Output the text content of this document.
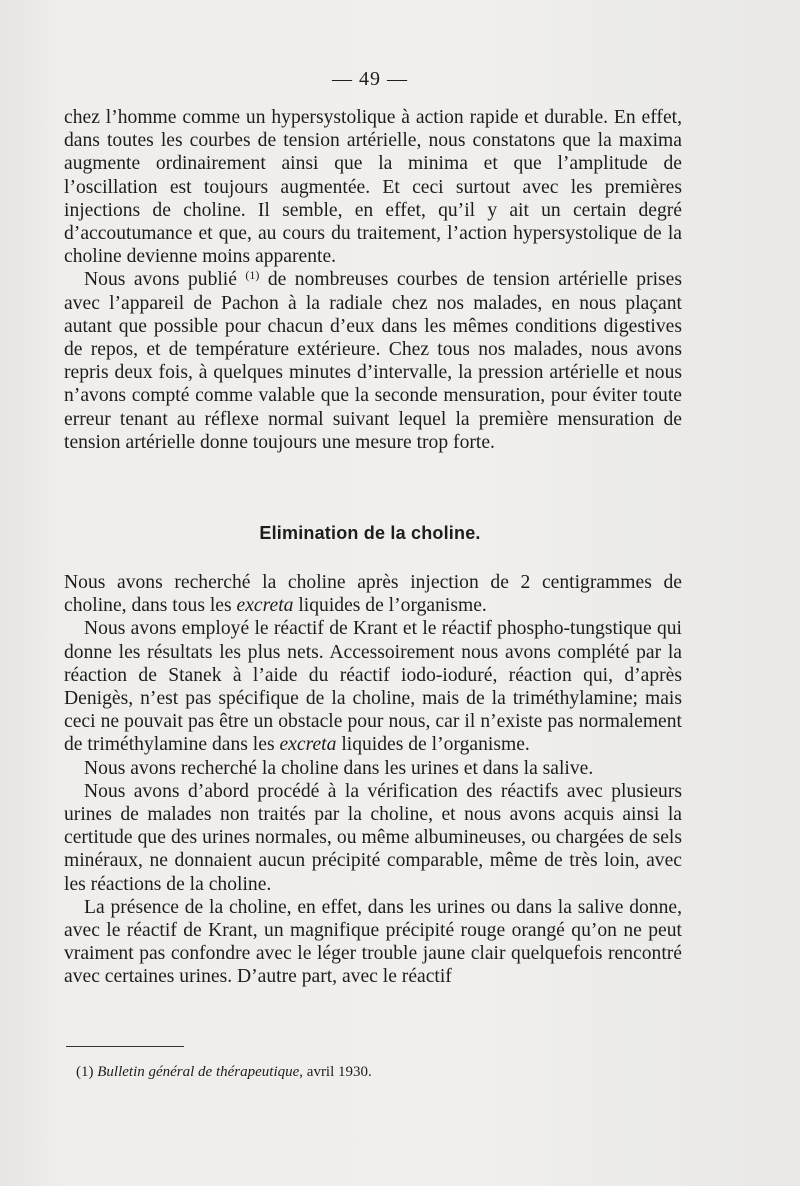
— 49 —

chez l’homme comme un hypersystolique à action rapide et durable. En effet, dans toutes les courbes de tension artérielle, nous constatons que la maxima augmente ordinairement ainsi que la minima et que l’amplitude de l’oscillation est toujours augmentée. Et ceci surtout avec les premières injections de choline. Il semble, en effet, qu’il y ait un certain degré d’accoutumance et que, au cours du traitement, l’action hypersystolique de la choline devienne moins apparente.

Nous avons publié $^{(1)}$ de nombreuses courbes de tension artérielle prises avec l’appareil de Pachon à la radiale chez nos malades, en nous plaçant autant que possible pour chacun d’eux dans les mêmes conditions digestives de repos, et de température extérieure. Chez tous nos malades, nous avons repris deux fois, à quelques minutes d’intervalle, la pression artérielle et nous n’avons compté comme valable que la seconde mensuration, pour éviter toute erreur tenant au réflexe normal suivant lequel la première mensuration de tension artérielle donne toujours une mesure trop forte.

Elimination de la choline.

Nous avons recherché la choline après injection de 2 centigrammes de choline, dans tous les excreta liquides de l’organisme.

Nous avons employé le réactif de Krant et le réactif phospho-tungstique qui donne les résultats les plus nets. Accessoirement nous avons complété par la réaction de Stanek à l’aide du réactif iodo-ioduré, réaction qui, d’après Denigès, n’est pas spécifique de la choline, mais de la triméthylamine; mais ceci ne pouvait pas être un obstacle pour nous, car il n’existe pas normalement de triméthylamine dans les excreta liquides de l’organisme.

Nous avons recherché la choline dans les urines et dans la salive.

Nous avons d’abord procédé à la vérification des réactifs avec plusieurs urines de malades non traités par la choline, et nous avons acquis ainsi la certitude que des urines normales, ou même albumineuses, ou chargées de sels minéraux, ne donnaient aucun précipité comparable, même de très loin, avec les réactions de la choline.

La présence de la choline, en effet, dans les urines ou dans la salive donne, avec le réactif de Krant, un magnifique précipité rouge orangé qu’on ne peut vraiment pas confondre avec le léger trouble jaune clair quelquefois rencontré avec certaines urines. D’autre part, avec le réactif

(1) Bulletin général de thérapeutique, avril 1930.
